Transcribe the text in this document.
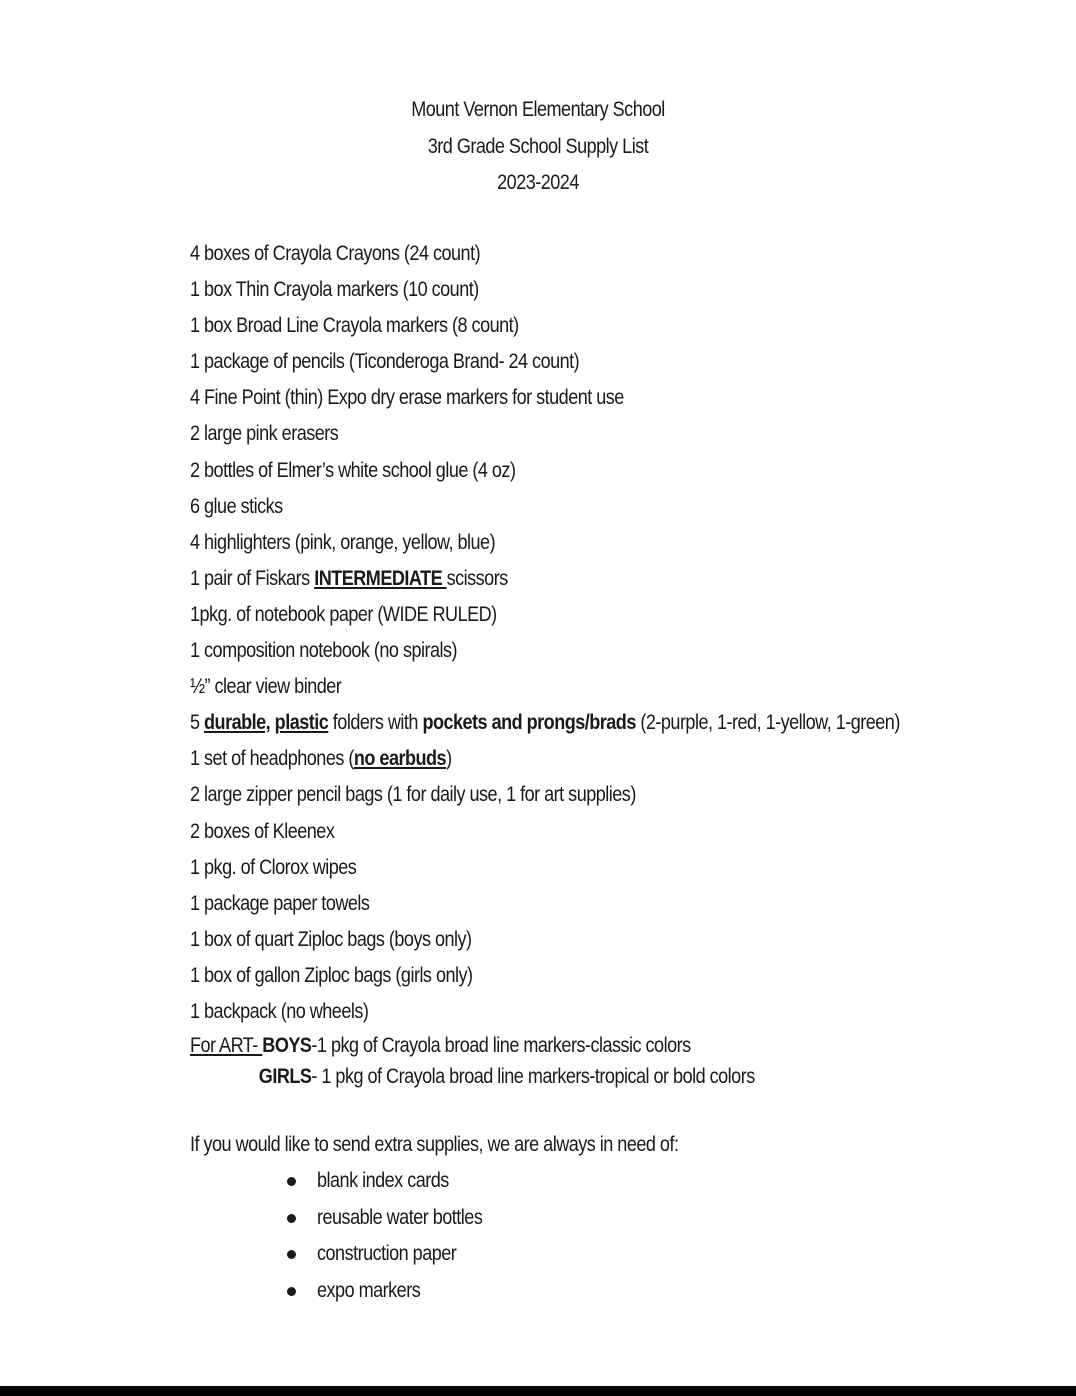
Mount Vernon Elementary School
3rd Grade School Supply List
2023-2024
4 boxes of Crayola Crayons (24 count)
1 box Thin Crayola markers (10 count)
1 box Broad Line Crayola markers (8 count)
1 package of pencils (Ticonderoga Brand- 24 count)
4 Fine Point (thin) Expo dry erase markers for student use
2 large pink erasers
2 bottles of Elmer’s white school glue (4 oz)
6 glue sticks
4 highlighters (pink, orange, yellow, blue)
1 pair of Fiskars INTERMEDIATE scissors
1pkg. of notebook paper (WIDE RULED)
1 composition notebook (no spirals)
½” clear view binder
5 durable, plastic folders with pockets and prongs/brads (2-purple, 1-red, 1-yellow, 1-green)
1 set of headphones (no earbuds)
2 large zipper pencil bags (1 for daily use, 1 for art supplies)
2 boxes of Kleenex
1 pkg. of Clorox wipes
1 package paper towels
1 box of quart Ziploc bags (boys only)
1 box of gallon Ziploc bags (girls only)
1 backpack (no wheels)
For ART- BOYS-1 pkg of Crayola broad line markers-classic colors
GIRLS- 1 pkg of Crayola broad line markers-tropical or bold colors
If you would like to send extra supplies, we are always in need of:
blank index cards
reusable water bottles
construction paper
expo markers
